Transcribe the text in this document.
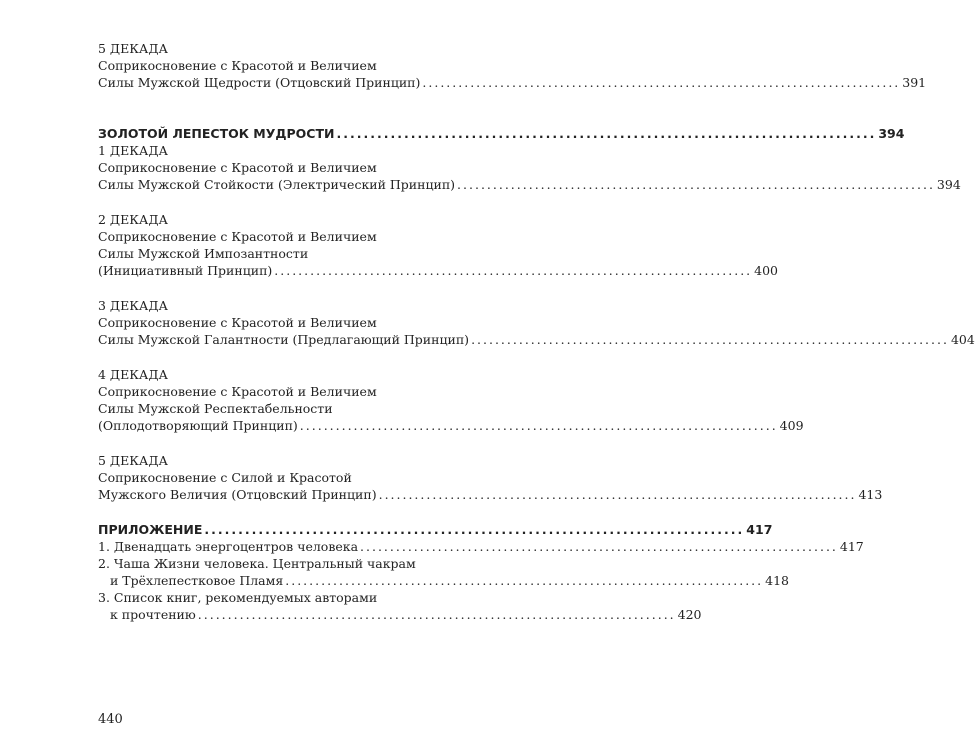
5 ДЕКАДА
Соприкосновение с Красотой и Величием
Силы Мужской Щедрости (Отцовский Принцип) ................................................................................ 391
ЗОЛОТОЙ ЛЕПЕСТОК МУДРОСТИ ................................................................................ 394
1 ДЕКАДА
Соприкосновение с Красотой и Величием
Силы Мужской Стойкости (Электрический Принцип) ................................................................................ 394
2 ДЕКАДА
Соприкосновение с Красотой и Величием
Силы Мужской Импозантности
(Инициативный Принцип) ................................................................................ 400
3 ДЕКАДА
Соприкосновение с Красотой и Величием
Силы Мужской Галантности (Предлагающий Принцип) ................................................................................ 404
4 ДЕКАДА
Соприкосновение с Красотой и Величием
Силы Мужской Респектабельности
(Оплодотворяющий Принцип) ................................................................................ 409
5 ДЕКАДА
Соприкосновение с Силой и Красотой
Мужского Величия (Отцовский Принцип) ................................................................................ 413
ПРИЛОЖЕНИЕ ................................................................................ 417
1. Двенадцать энергоцентров человека ................................................................................ 417
2. Чаша Жизни человека. Центральный чакрам
и Трёхлепестковое Пламя ................................................................................ 418
3. Список книг, рекомендуемых авторами
к прочтению ................................................................................ 420
440
